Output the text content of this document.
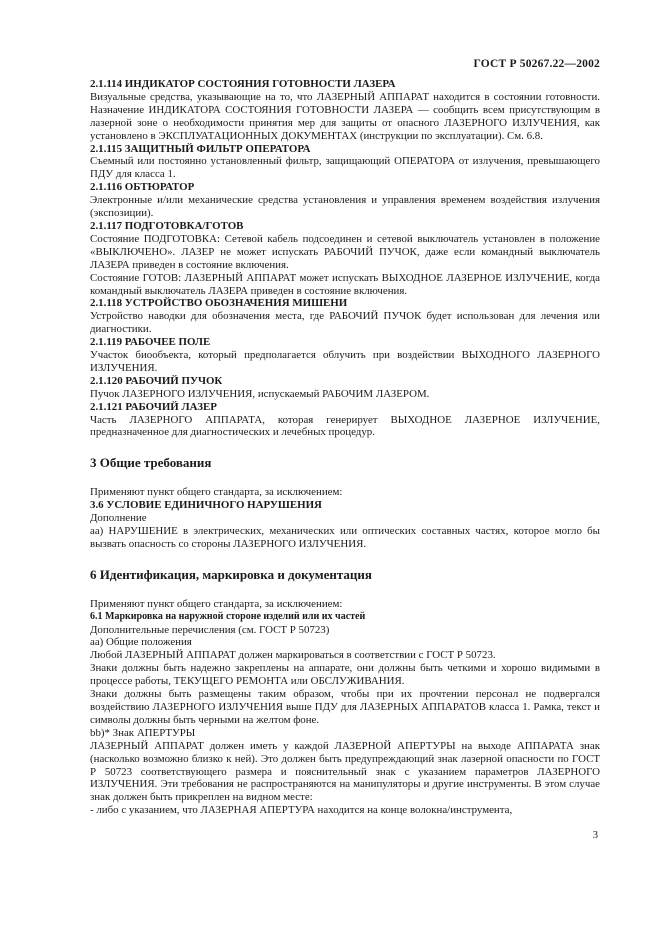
ГОСТ Р 50267.22—2002
2.1.114 ИНДИКАТОР СОСТОЯНИЯ ГОТОВНОСТИ ЛАЗЕРА
Визуальные средства, указывающие на то, что ЛАЗЕРНЫЙ АППАРАТ находится в состоянии готовности. Назначение ИНДИКАТОРА СОСТОЯНИЯ ГОТОВНОСТИ ЛАЗЕРА — сообщить всем присутствующим в лазерной зоне о необходимости принятия мер для защиты от опасного ЛАЗЕРНОГО ИЗЛУЧЕНИЯ, как установлено в ЭКСПЛУАТАЦИОННЫХ ДОКУМЕНТАХ (инструкции по эксплуатации). См. 6.8.
2.1.115 ЗАЩИТНЫЙ ФИЛЬТР ОПЕРАТОРА
Съемный или постоянно установленный фильтр, защищающий ОПЕРАТОРА от излучения, превышающего ПДУ для класса 1.
2.1.116 ОБТЮРАТОР
Электронные и/или механические средства установления и управления временем воздействия излучения (экспозиции).
2.1.117 ПОДГОТОВКА/ГОТОВ
Состояние ПОДГОТОВКА: Сетевой кабель подсоединен и сетевой выключатель установлен в положение «ВЫКЛЮЧЕНО». ЛАЗЕР не может испускать РАБОЧИЙ ПУЧОК, даже если командный выключатель ЛАЗЕРА приведен в состояние включения.
Состояние ГОТОВ: ЛАЗЕРНЫЙ АППАРАТ может испускать ВЫХОДНОЕ ЛАЗЕРНОЕ ИЗЛУЧЕНИЕ, когда командный выключатель ЛАЗЕРА приведен в состояние включения.
2.1.118 УСТРОЙСТВО ОБОЗНАЧЕНИЯ МИШЕНИ
Устройство наводки для обозначения места, где РАБОЧИЙ ПУЧОК будет использован для лечения или диагностики.
2.1.119 РАБОЧЕЕ ПОЛЕ
Участок биообъекта, который предполагается облучить при воздействии ВЫХОДНОГО ЛАЗЕРНОГО ИЗЛУЧЕНИЯ.
2.1.120 РАБОЧИЙ ПУЧОК
Пучок ЛАЗЕРНОГО ИЗЛУЧЕНИЯ, испускаемый РАБОЧИМ ЛАЗЕРОМ.
2.1.121 РАБОЧИЙ ЛАЗЕР
Часть ЛАЗЕРНОГО АППАРАТА, которая генерирует ВЫХОДНОЕ ЛАЗЕРНОЕ ИЗЛУЧЕНИЕ, предназначенное для диагностических и лечебных процедур.
3 Общие требования
Применяют пункт общего стандарта, за исключением:
3.6 УСЛОВИЕ ЕДИНИЧНОГО НАРУШЕНИЯ
Дополнение
аа) НАРУШЕНИЕ в электрических, механических или оптических составных частях, которое могло бы вызвать опасность со стороны ЛАЗЕРНОГО ИЗЛУЧЕНИЯ.
6 Идентификация, маркировка и документация
Применяют пункт общего стандарта, за исключением:
6.1 Маркировка на наружной стороне изделий или их частей
Дополнительные перечисления (см. ГОСТ Р 50723)
аа) Общие положения
Любой ЛАЗЕРНЫЙ АППАРАТ должен маркироваться в соответствии с ГОСТ Р 50723.
Знаки должны быть надежно закреплены на аппарате, они должны быть четкими и хорошо видимыми в процессе работы, ТЕКУЩЕГО РЕМОНТА или ОБСЛУЖИВАНИЯ.
Знаки должны быть размещены таким образом, чтобы при их прочтении персонал не подвергался воздействию ЛАЗЕРНОГО ИЗЛУЧЕНИЯ выше ПДУ для ЛАЗЕРНЫХ АППАРАТОВ класса 1. Рамка, текст и символы должны быть черными на желтом фоне.
bb)* Знак АПЕРТУРЫ
ЛАЗЕРНЫЙ АППАРАТ должен иметь у каждой ЛАЗЕРНОЙ АПЕРТУРЫ на выходе АППАРАТА знак (насколько возможно близко к ней). Это должен быть предупреждающий знак лазерной опасности по ГОСТ Р 50723 соответствующего размера и пояснительный знак с указанием параметров ЛАЗЕРНОГО ИЗЛУЧЕНИЯ. Эти требования не распространяются на манипуляторы и другие инструменты. В этом случае знак должен быть прикреплен на видном месте:
- либо с указанием, что ЛАЗЕРНАЯ АПЕРТУРА находится на конце волокна/инструмента,
3
